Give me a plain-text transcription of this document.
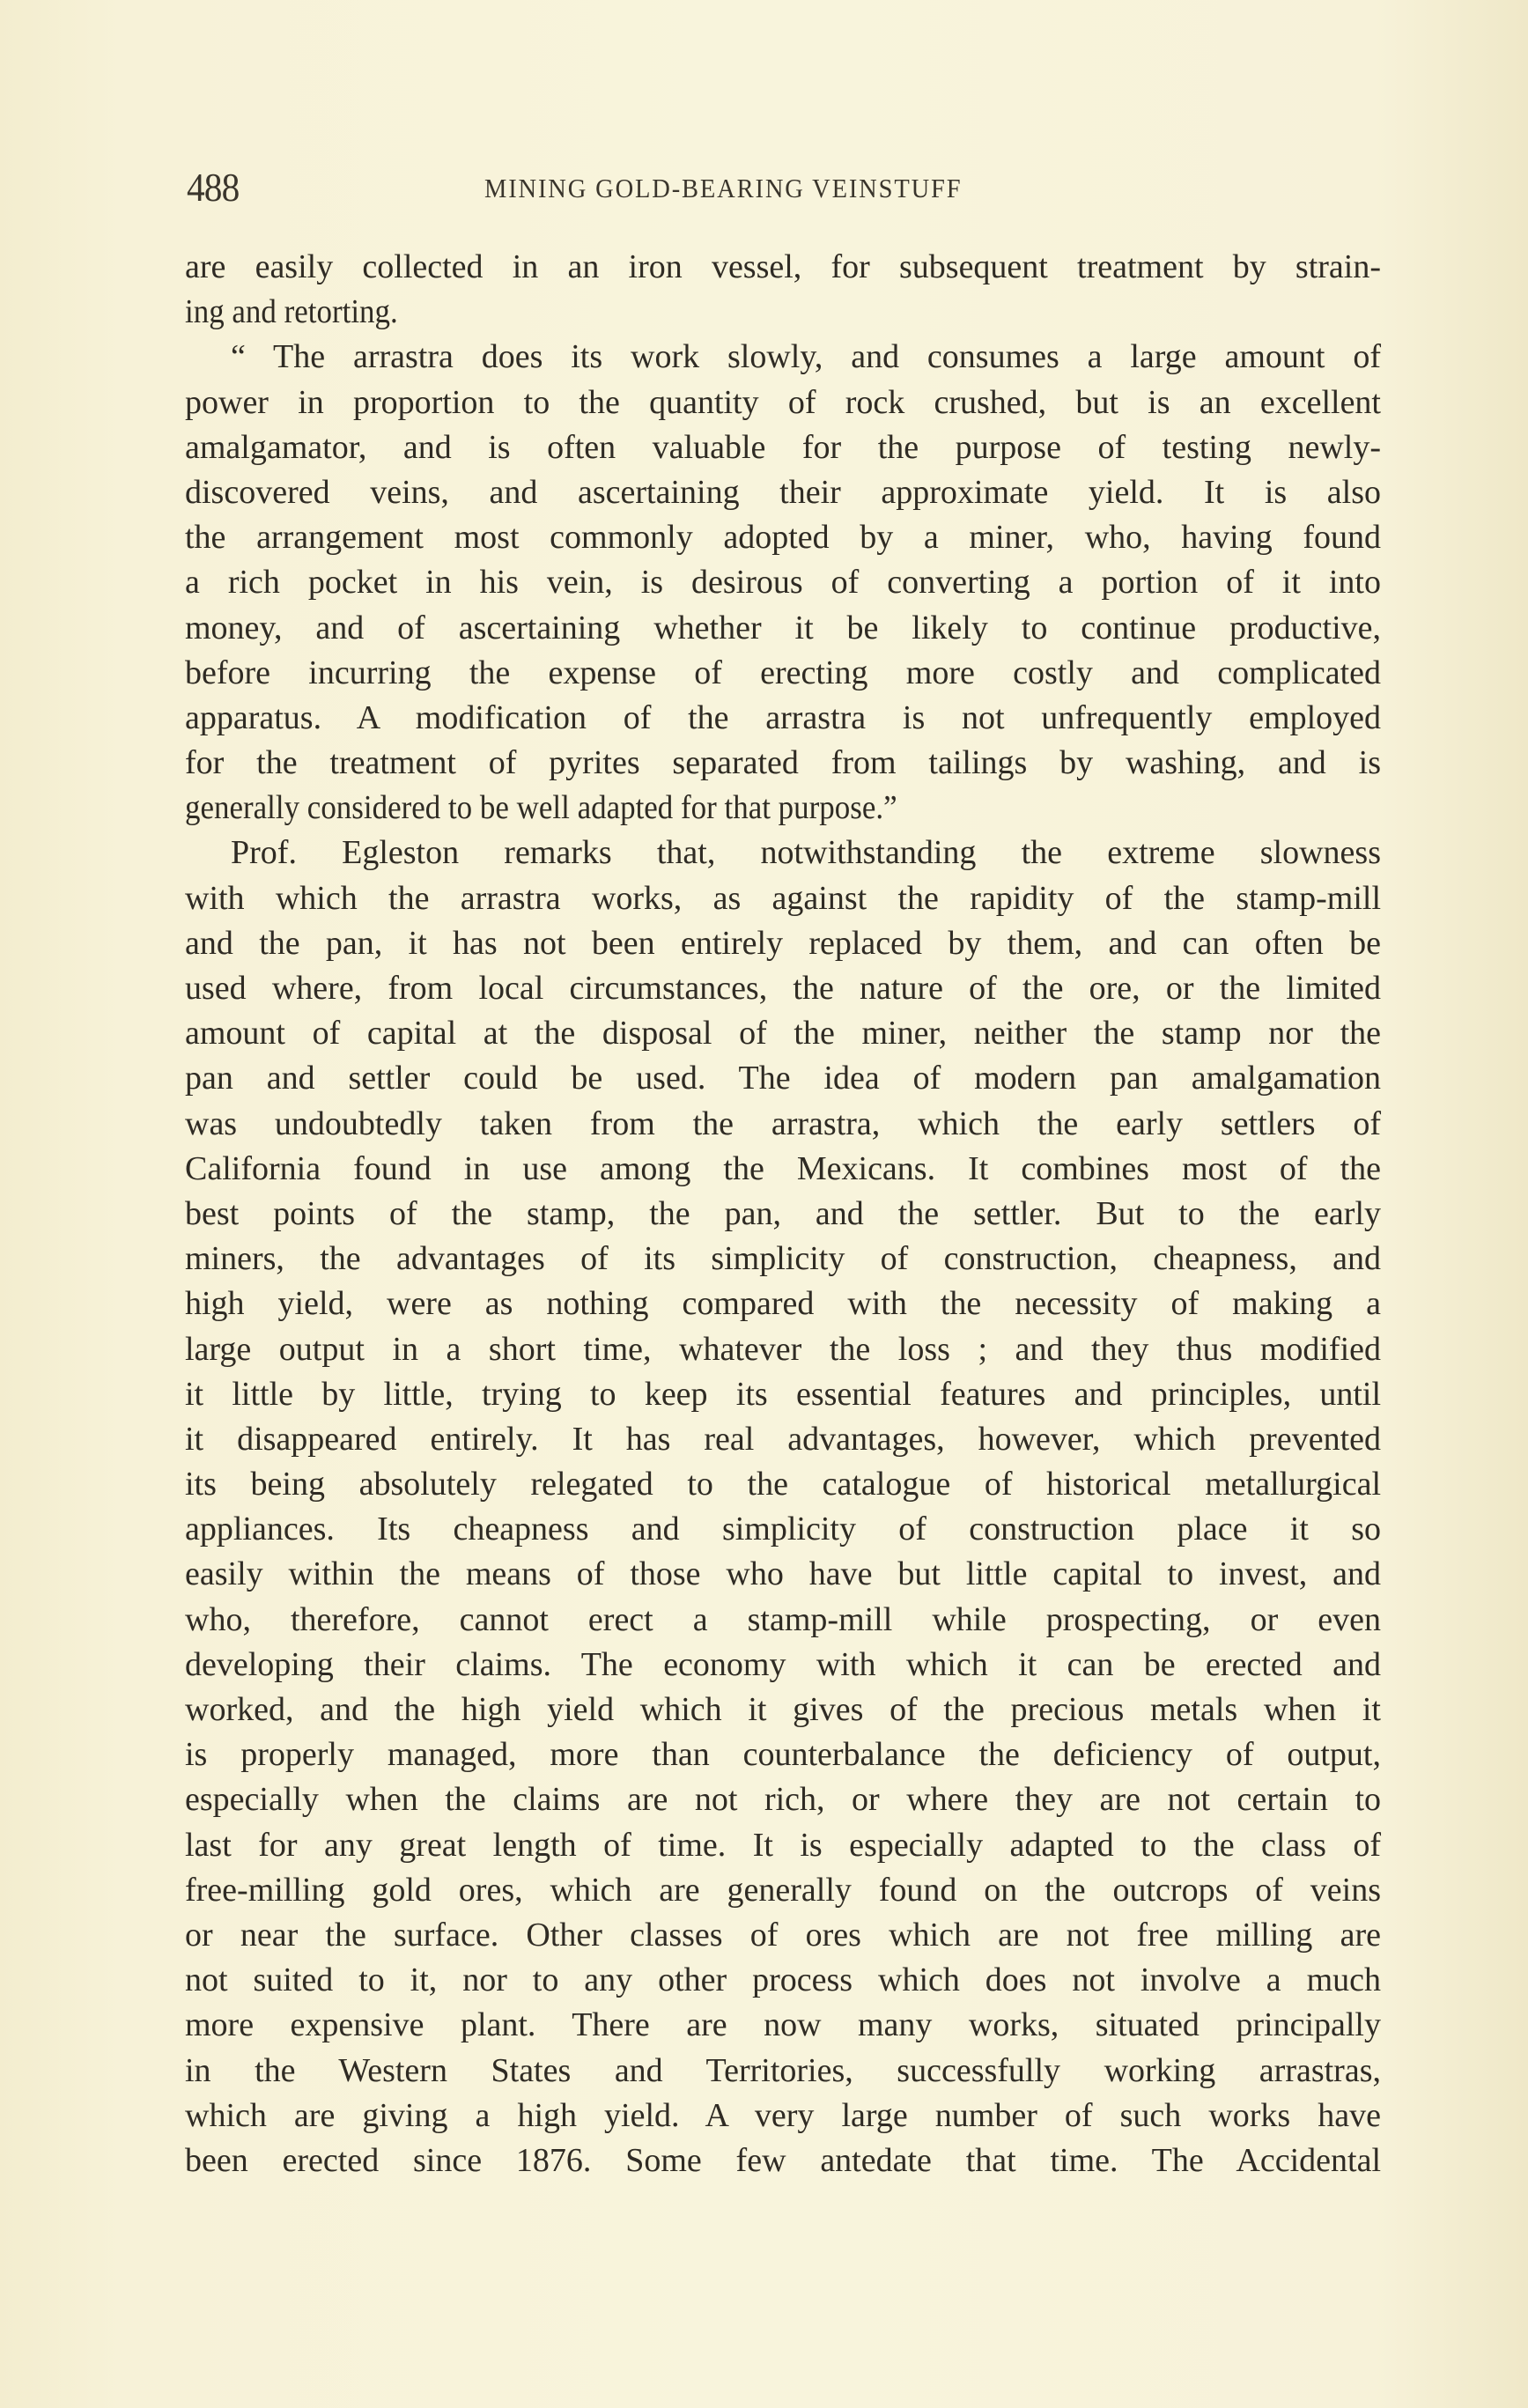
488	MINING GOLD-BEARING VEINSTUFF
are easily collected in an iron vessel, for subsequent treatment by strain-
ing and retorting.
“ The arrastra does its work slowly, and consumes a large amount of
power in proportion to the quantity of rock crushed, but is an excellent
amalgamator, and is often valuable for the purpose of testing newly-
discovered veins, and ascertaining their approximate yield. It is also
the arrangement most commonly adopted by a miner, who, having found
a rich pocket in his vein, is desirous of converting a portion of it into
money, and of ascertaining whether it be likely to continue productive,
before incurring the expense of erecting more costly and complicated
apparatus. A modification of the arrastra is not unfrequently employed
for the treatment of pyrites separated from tailings by washing, and is
generally considered to be well adapted for that purpose.”
Prof. Egleston remarks that, notwithstanding the extreme slowness
with which the arrastra works, as against the rapidity of the stamp-mill
and the pan, it has not been entirely replaced by them, and can often be
used where, from local circumstances, the nature of the ore, or the limited
amount of capital at the disposal of the miner, neither the stamp nor the
pan and settler could be used. The idea of modern pan amalgamation
was undoubtedly taken from the arrastra, which the early settlers of
California found in use among the Mexicans. It combines most of the
best points of the stamp, the pan, and the settler. But to the early
miners, the advantages of its simplicity of construction, cheapness, and
high yield, were as nothing compared with the necessity of making a
large output in a short time, whatever the loss ; and they thus modified
it little by little, trying to keep its essential features and principles, until
it disappeared entirely. It has real advantages, however, which prevented
its being absolutely relegated to the catalogue of historical metallurgical
appliances. Its cheapness and simplicity of construction place it so
easily within the means of those who have but little capital to invest, and
who, therefore, cannot erect a stamp-mill while prospecting, or even
developing their claims. The economy with which it can be erected and
worked, and the high yield which it gives of the precious metals when it
is properly managed, more than counterbalance the deficiency of output,
especially when the claims are not rich, or where they are not certain to
last for any great length of time. It is especially adapted to the class of
free-milling gold ores, which are generally found on the outcrops of veins
or near the surface. Other classes of ores which are not free milling are
not suited to it, nor to any other process which does not involve a much
more expensive plant. There are now many works, situated principally
in the Western States and Territories, successfully working arrastras,
which are giving a high yield. A very large number of such works have
been erected since 1876. Some few antedate that time. The Accidental
